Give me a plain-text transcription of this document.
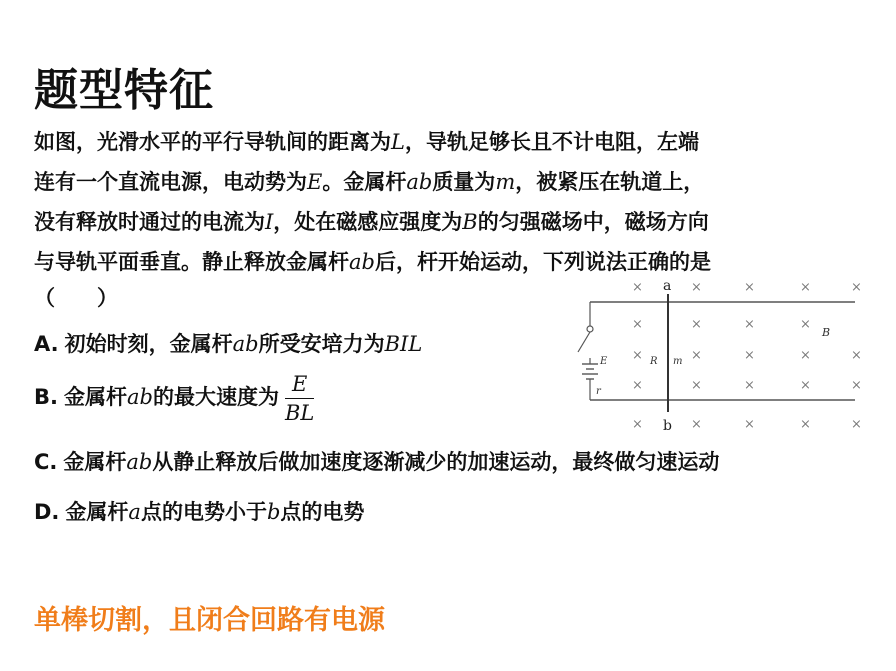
题型特征
如图，光滑水平的平行导轨间的距离为L，导轨足够长且不计电阻，左端
连有一个直流电源，电动势为E。金属杆ab质量为m，被紧压在轨道上，
没有释放时通过的电流为I，处在磁感应强度为B的匀强磁场中，磁场方向
与导轨平面垂直。静止释放金属杆ab后，杆开始运动，下列说法正确的是
（　　）
A. 初始时刻，金属杆ab所受安培力为BIL
B. 金属杆ab的最大速度为 $\frac{E}{BL}$
C. 金属杆ab从静止释放后做加速度逐渐减少的加速运动，最终做匀速运动
D. 金属杆a点的电势小于b点的电势
E
r
a
b
R m
B
×	×	×	×	×
×	×	×	×
×	×	×	×	×
×	×	×	×	×
×	×	×	×	×
单棒切割，且闭合回路有电源
